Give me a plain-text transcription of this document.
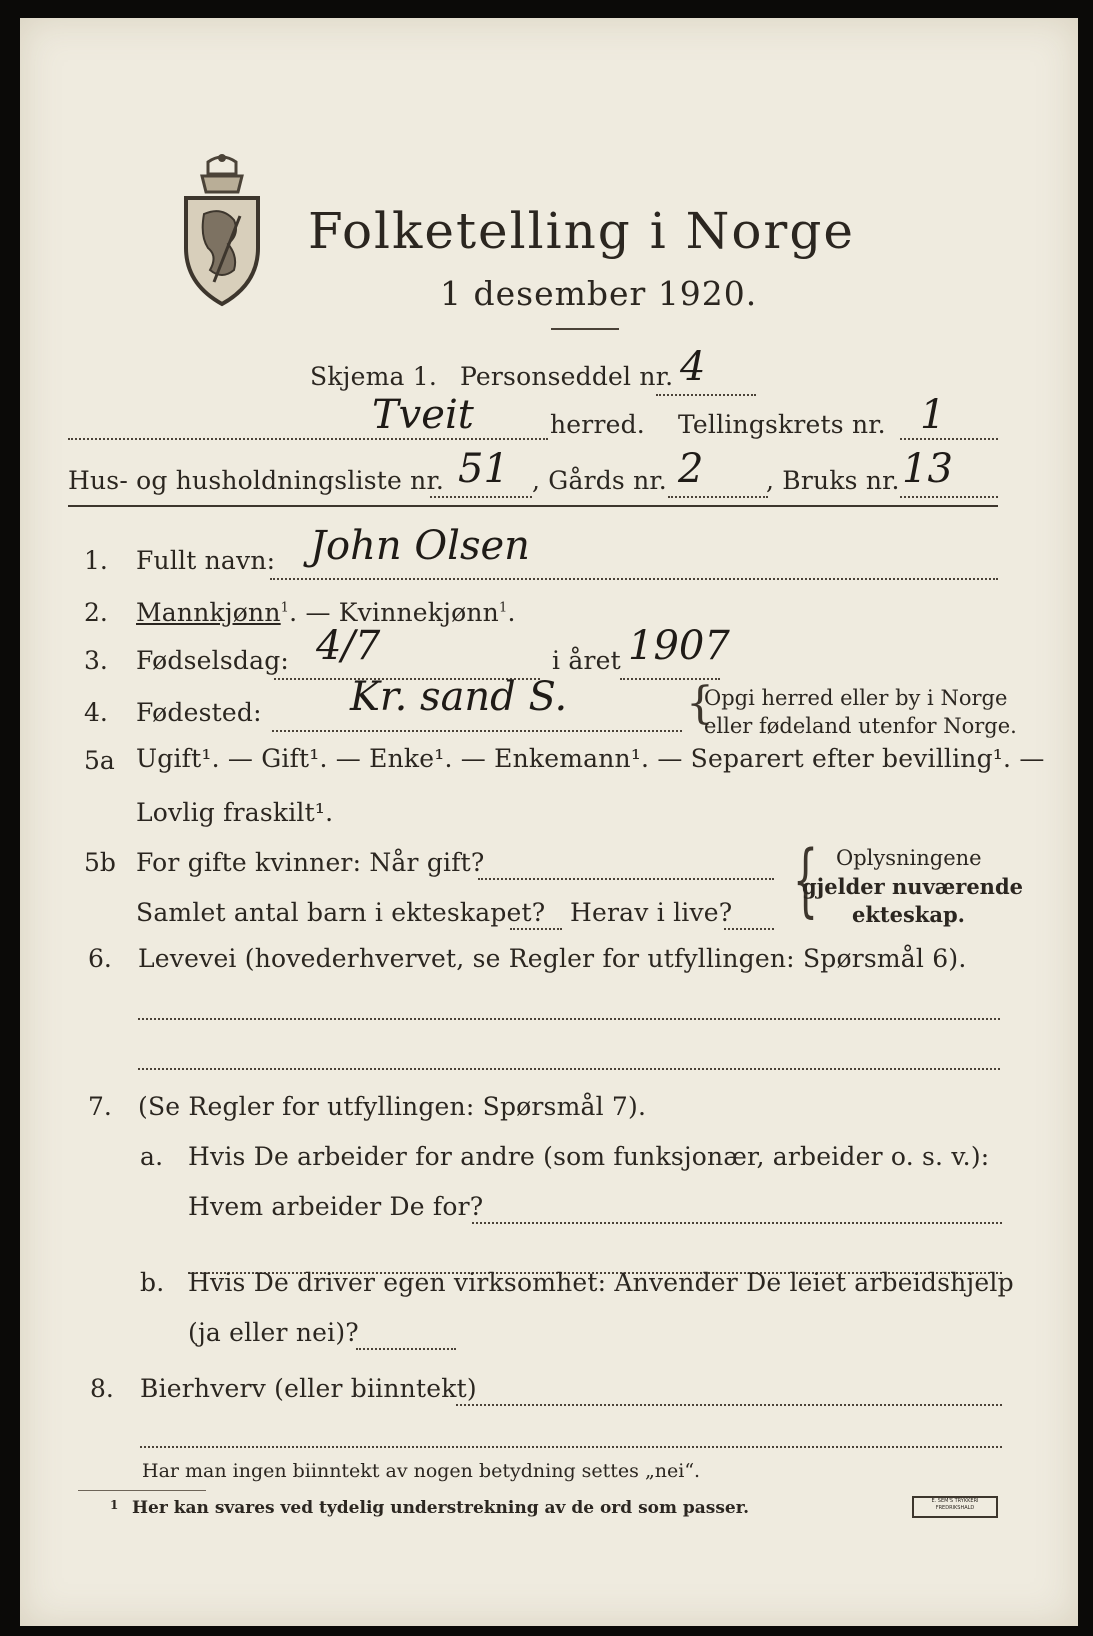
Folketelling i Norge
1 desember 1920.
Skjema 1. Personseddel nr. 4
Tveit	herred. Tellingskrets nr. 1
Hus- og husholdningsliste nr. 51 , Gårds nr. 2	, Bruks nr. 13
1. Fullt navn: John Olsen
2. Mannkjønn$^1$. — Kvinnekjønn$^1$.
3. Fødselsdag: 4/7	i året 1907
4. Fødested: Kr. sand S.	{
Opgi herred eller by i Norge
eller fødeland utenfor Norge.
5a Ugift¹. — Gift¹. — Enke¹. — Enkemann¹. — Separert efter bevilling¹. —
Lovlig fraskilt¹.
5b For gifte kvinner: Når gift?
Samlet antal barn i ekteskapet? Herav i live? { Oplysningene
gjelder nuværende
ekteskap.
6. Levevei (hovederhvervet, se Regler for utfyllingen: Spørsmål 6).
7. (Se Regler for utfyllingen: Spørsmål 7).
a. Hvis De arbeider for andre (som funksjonær, arbeider o. s. v.):
Hvem arbeider De for?
b. Hvis De driver egen virksomhet: Anvender De leiet arbeidshjelp
(ja eller nei)?
8. Bierhverv (eller biinntekt)
Har man ingen biinntekt av nogen betydning settes „nei“.
1 Her kan svares ved tydelig understrekning av de ord som passer.	E. SEM'S TRYKKERI
FREDRIKSHALD
